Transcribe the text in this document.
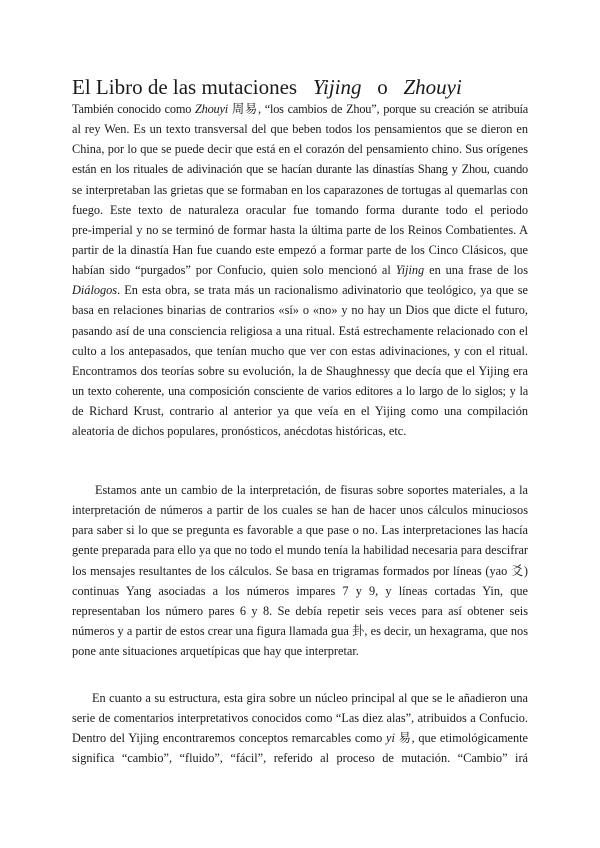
El Libro de las mutaciones Yijing o Zhouyi
También conocido como Zhouyi 周易, “los cambios de Zhou”, porque su creación se atribuía
al rey Wen. Es un texto transversal del que beben todos los pensamientos que se dieron en
China, por lo que se puede decir que está en el corazón del pensamiento chino. Sus orígenes
están en los rituales de adivinación que se hacían durante las dinastías Shang y Zhou, cuando
se interpretaban las grietas que se formaban en los caparazones de tortugas al quemarlas con
fuego. Este texto de naturaleza oracular fue tomando forma durante todo el periodo
pre-imperial y no se terminó de formar hasta la última parte de los Reinos Combatientes. A
partir de la dinastía Han fue cuando este empezó a formar parte de los Cinco Clásicos, que
habían sido “purgados” por Confucio, quien solo mencionó al Yijing en una frase de los
Diálogos. En esta obra, se trata más un racionalismo adivinatorio que teológico, ya que se
basa en relaciones binarias de contrarios «sí» o «no» y no hay un Dios que dicte el futuro,
pasando así de una consciencia religiosa a una ritual. Está estrechamente relacionado con el
culto a los antepasados, que tenían mucho que ver con estas adivinaciones, y con el ritual.
Encontramos dos teorías sobre su evolución, la de Shaughnessy que decía que el Yijing era
un texto coherente, una composición consciente de varios editores a lo largo de lo siglos; y la
de Richard Krust, contrario al anterior ya que veía en el Yijing como una compilación
aleatoria de dichos populares, pronósticos, anécdotas históricas, etc.
Estamos ante un cambio de la interpretación, de fisuras sobre soportes materiales, a la
interpretación de números a partir de los cuales se han de hacer unos cálculos minuciosos
para saber si lo que se pregunta es favorable a que pase o no. Las interpretaciones las hacía
gente preparada para ello ya que no todo el mundo tenía la habilidad necesaria para descifrar
los mensajes resultantes de los cálculos. Se basa en trigramas formados por líneas (yao 爻)
continuas Yang asociadas a los números impares 7 y 9, y líneas cortadas Yin, que
representaban los número pares 6 y 8. Se debía repetir seis veces para así obtener seis
números y a partir de estos crear una figura llamada gua 卦, es decir, un hexagrama, que nos
pone ante situaciones arquetípicas que hay que interpretar.
En cuanto a su estructura, esta gira sobre un núcleo principal al que se le añadieron una
serie de comentarios interpretativos conocidos como “Las diez alas”, atribuidos a Confucio.
Dentro del Yijing encontraremos conceptos remarcables como yi 易, que etimológicamente
significa “cambio”, “fluido”, “fácil”, referido al proceso de mutación. “Cambio” irá
